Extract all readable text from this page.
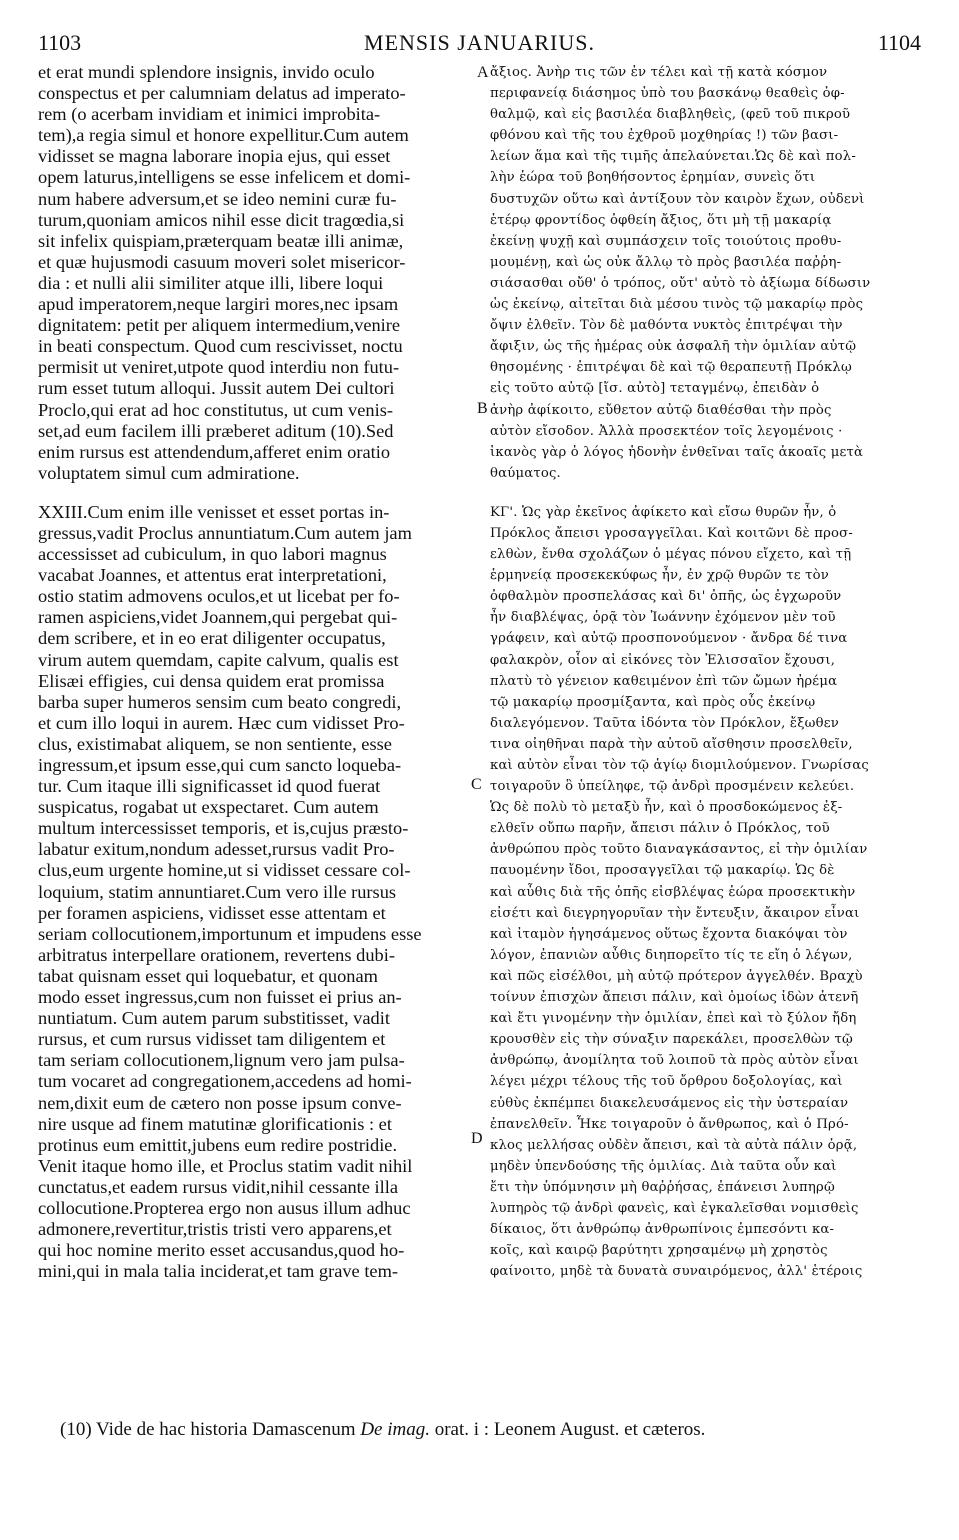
1103	MENSIS JANUARIUS.	1104
et erat mundi splendore insignis, invido oculo
conspectus et per calumniam delatus ad imperato-
rem (o acerbam invidiam et inimici improbita-
tem),a regia simul et honore expellitur.Cum autem
vidisset se magna laborare inopia ejus, qui esset
opem laturus,intelligens se esse infelicem et domi-
num habere adversum,et se ideo nemini curæ fu-
turum,quoniam amicos nihil esse dicit tragœdia,si
sit infelix quispiam,præterquam beatæ illi animæ,
et quæ hujusmodi casuum moveri solet misericor-
dia : et nulli alii similiter atque illi, libere loqui
apud imperatorem,neque largiri mores,nec ipsam
dignitatem: petit per aliquem intermedium,venire
in beati conspectum. Quod cum rescivisset, noctu
permisit ut veniret,utpote quod interdiu non futu-
rum esset tutum alloqui. Jussit autem Dei cultori
Proclo,qui erat ad hoc constitutus, ut cum venis-
set,ad eum facilem illi præberet aditum (10).Sed
enim rursus est attendendum,afferet enim oratio
voluptatem simul cum admiratione.
XXIII.Cum enim ille venisset et esset portas in-
gressus,vadit Proclus annuntiatum.Cum autem jam
accessisset ad cubiculum, in quo labori magnus
vacabat Joannes, et attentus erat interpretationi,
ostio statim admovens oculos,et ut licebat per fo-
ramen aspiciens,videt Joannem,qui pergebat qui-
dem scribere, et in eo erat diligenter occupatus,
virum autem quemdam, capite calvum, qualis est
Elisæi effigies, cui densa quidem erat promissa
barba super humeros sensim cum beato congredi,
et cum illo loqui in aurem. Hæc cum vidisset Pro-
clus, existimabat aliquem, se non sentiente, esse
ingressum,et ipsum esse,qui cum sancto loqueba-
tur. Cum itaque illi significasset id quod fuerat
suspicatus, rogabat ut exspectaret. Cum autem
multum intercessisset temporis, et is,cujus præsto-
labatur exitum,nondum adesset,rursus vadit Pro-
clus,eum urgente homine,ut si vidisset cessare col-
loquium, statim annuntiaret.Cum vero ille rursus
per foramen aspiciens, vidisset esse attentam et
seriam collocutionem,importunum et impudens esse
arbitratus interpellare orationem, revertens dubi-
tabat quisnam esset qui loquebatur, et quonam
modo esset ingressus,cum non fuisset ei prius an-
nuntiatum. Cum autem parum substitisset, vadit
rursus, et cum rursus vidisset tam diligentem et
tam seriam collocutionem,lignum vero jam pulsa-
tum vocaret ad congregationem,accedens ad homi-
nem,dixit eum de cætero non posse ipsum conve-
nire usque ad finem matutinæ glorificationis : et
protinus eum emittit,jubens eum redire postridie.
Venit itaque homo ille, et Proclus statim vadit nihil
cunctatus,et eadem rursus vidit,nihil cessante illa
collocutione.Propterea ergo non ausus illum adhuc
admonere,revertitur,tristis tristi vero apparens,et
qui hoc nomine merito esset accusandus,quod ho-
mini,qui in mala talia inciderat,et tam grave tem-
ἄξιος. Ἀνὴρ τις τῶν ἐν τέλει καὶ τῇ κατὰ κόσμον
περιφανείᾳ διάσημος ὑπὸ του βασκάνῳ θεαθεὶς ὀφ-
θαλμῷ, καὶ εἰς βασιλέα διαβληθεὶς, (φεῦ τοῦ πικροῦ
φθόνου καὶ τῆς του ἐχθροῦ μοχθηρίας !) τῶν βασι-
λείων ἅμα καὶ τῆς τιμῆς ἀπελαύνεται.Ὡς δὲ καὶ πολ-
λὴν ἑώρα τοῦ βοηθήσοντος ἐρημίαν, συνεὶς ὅτι
δυστυχῶν οὕτω καὶ ἀντίξουν τὸν καιρὸν ἔχων, οὐδενὶ
ἑτέρῳ φροντίδος ὀφθείη ἄξιος, ὅτι μὴ τῇ μακαρίᾳ
ἐκείνῃ ψυχῇ καὶ συμπάσχειν τοῖς τοιούτοις προθυ-
μουμένῃ, καὶ ὡς οὐκ ἄλλῳ τὸ πρὸς βασιλέα παῤῥη-
σιάσασθαι οὔθ' ὁ τρόπος, οὔτ' αὐτὸ τὸ ἀξίωμα δίδωσιν
ὡς ἐκείνῳ, αἰτεῖται διὰ μέσου τινὸς τῷ μακαρίῳ πρὸς
ὄψιν ἐλθεῖν. Τὸν δὲ μαθόντα νυκτὸς ἐπιτρέψαι τὴν
ἄφιξιν, ὡς τῆς ἡμέρας οὐκ ἀσφαλῆ τὴν ὁμιλίαν αὐτῷ
θησομένης · ἐπιτρέψαι δὲ καὶ τῷ θεραπευτῇ Πρόκλῳ
εἰς τοῦτο αὐτῷ [ἴσ. αὐτὸ] τεταγμένῳ, ἐπειδὰν ὁ
ἀνὴρ ἀφίκοιτο, εὔθετον αὐτῷ διαθέσθαι τὴν πρὸς
αὐτὸν εἴσοδον. Ἀλλὰ προσεκτέον τοῖς λεγομένοις ·
ἱκανὸς γὰρ ὁ λόγος ἡδονὴν ἐνθεῖναι ταῖς ἀκοαῖς μετὰ
θαύματος.
ΚΓ'. Ὡς γὰρ ἐκεῖνος ἀφίκετο καὶ εἴσω θυρῶν ἦν, ὁ
Πρόκλος ἄπεισι γροσαγγεῖλαι. Καὶ κοιτῶνι δὲ προσ-
ελθὼν, ἔνθα σχολάζων ὁ μέγας πόνου εἴχετο, καὶ τῇ
ἑρμηνείᾳ προσεκεκύφως ἦν, ἐν χρῷ θυρῶν τε τὸν
ὀφθαλμὸν προσπελάσας καὶ δι' ὀπῆς, ὡς ἐγχωροῦν
ἦν διαβλέψας, ὁρᾷ τὸν Ἰωάννην ἐχόμενον μὲν τοῦ
γράφειν, καὶ αὐτῷ προσπονούμενον · ἄνδρα δέ τινα
φαλακρὸν, οἷον αἱ εἰκόνες τὸν Ἐλισσαῖον ἔχουσι,
πλατὺ τὸ γένειον καθειμένον ἐπὶ τῶν ὤμων ἠρέμα
τῷ μακαρίῳ προσμίξαντα, καὶ πρὸς οὖς ἐκείνῳ
διαλεγόμενον. Ταῦτα ἰδόντα τὸν Πρόκλον, ἔξωθεν
τινα οἰηθῆναι παρὰ τὴν αὐτοῦ αἴσθησιν προσελθεῖν,
καὶ αὐτὸν εἶναι τὸν τῷ ἁγίῳ διομιλούμενον. Γνωρίσας
τοιγαροῦν ὃ ὑπείληφε, τῷ ἀνδρὶ προσμένειν κελεύει.
Ὡς δὲ πολὺ τὸ μεταξὺ ἦν, καὶ ὁ προσδοκώμενος ἐξ-
ελθεῖν οὔπω παρῆν, ἄπεισι πάλιν ὁ Πρόκλος, τοῦ
ἀνθρώπου πρὸς τοῦτο διαναγκάσαντος, εἰ τὴν ὁμιλίαν
παυομένην ἴδοι, προσαγγεῖλαι τῷ μακαρίῳ. Ὡς δὲ
καὶ αὖθις διὰ τῆς ὀπῆς εἰσβλέψας ἑώρα προσεκτικὴν
εἰσέτι καὶ διεγρηγορυῖαν τὴν ἔντευξιν, ἄκαιρον εἶναι
καὶ ἰταμὸν ἡγησάμενος οὕτως ἔχοντα διακόψαι τὸν
λόγον, ἐπανιὼν αὖθις διηπορεῖτο τίς τε εἴη ὁ λέγων,
καὶ πῶς εἰσέλθοι, μὴ αὐτῷ πρότερον ἀγγελθέν. Βραχὺ
τοίνυν ἐπισχὼν ἄπεισι πάλιν, καὶ ὁμοίως ἰδὼν ἀτενῆ
καὶ ἔτι γινομένην τὴν ὁμιλίαν, ἐπεὶ καὶ τὸ ξύλον ἤδη
κρουσθὲν εἰς τὴν σύναξιν παρεκάλει, προσελθὼν τῷ
ἀνθρώπῳ, ἀνομίλητα τοῦ λοιποῦ τὰ πρὸς αὐτὸν εἶναι
λέγει μέχρι τέλους τῆς τοῦ ὄρθρου δοξολογίας, καὶ
εὐθὺς ἐκπέμπει διακελευσάμενος εἰς τὴν ὑστεραίαν
ἐπανελθεῖν. Ἧκε τοιγαροῦν ὁ ἄνθρωπος, καὶ ὁ Πρό-
κλος μελλήσας οὐδὲν ἄπεισι, καὶ τὰ αὐτὰ πάλιν ὁρᾷ,
μηδὲν ὑπενδούσης τῆς ὁμιλίας. Διὰ ταῦτα οὖν καὶ
ἔτι τὴν ὑπόμνησιν μὴ θαῤῥήσας, ἐπάνεισι λυπηρῷ
λυπηρὸς τῷ ἀνδρὶ φανεὶς, καὶ ἐγκαλεῖσθαι νομισθεὶς
δίκαιος, ὅτι ἀνθρώπῳ ἀνθρωπίνοις ἐμπεσόντι κα-
κοῖς, καὶ καιρῷ βαρύτητι χρησαμένῳ μὴ χρηστὸς
φαίνοιτο, μηδὲ τὰ δυνατὰ συναιρόμενος, ἀλλ' ἑτέροις
A
B
C
D
(10) Vide de hac historia Damascenum De imag. orat. i : Leonem August. et cæteros.
